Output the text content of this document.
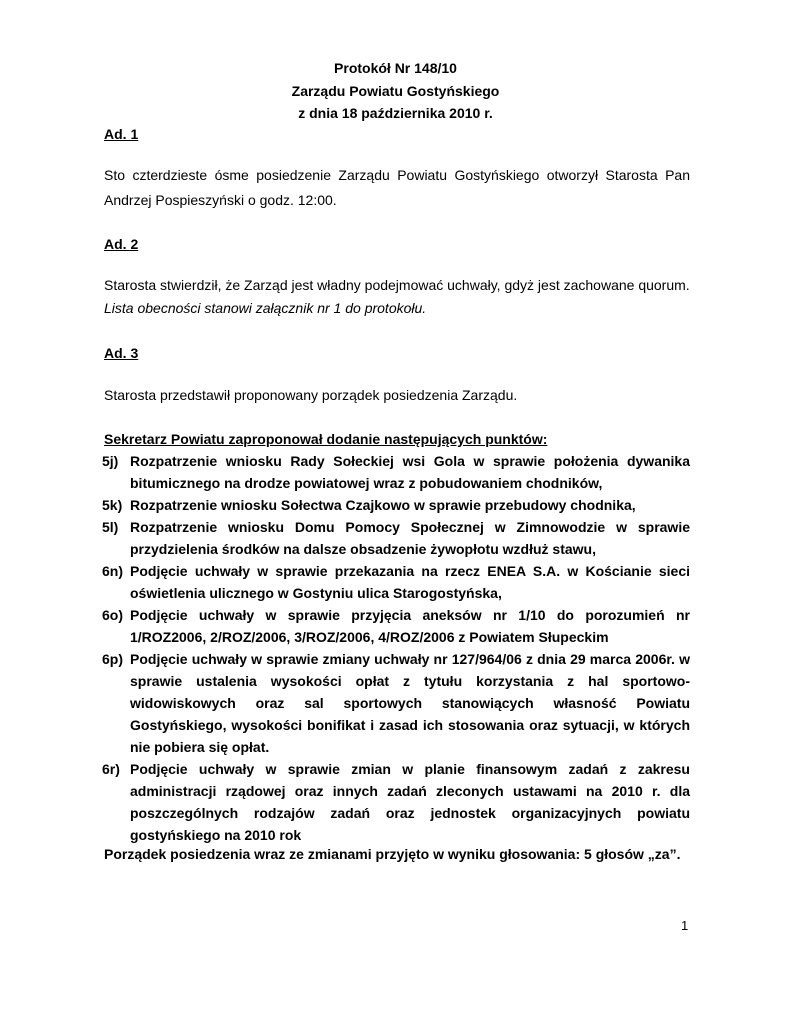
Protokół Nr 148/10
Zarządu Powiatu Gostyńskiego
z dnia 18 października 2010 r.
Ad. 1
Sto czterdzieste ósme posiedzenie Zarządu Powiatu Gostyńskiego otworzył Starosta Pan Andrzej Pospieszyński o godz. 12:00.
Ad. 2
Starosta stwierdził, że Zarząd jest władny podejmować uchwały, gdyż jest zachowane quorum.
Lista obecności stanowi załącznik nr 1 do protokołu.
Ad. 3
Starosta przedstawił proponowany porządek posiedzenia Zarządu.
Sekretarz Powiatu zaproponował dodanie następujących punktów:
5j) Rozpatrzenie wniosku Rady Sołeckiej wsi Gola w sprawie położenia dywanika bitumicznego na drodze powiatowej wraz z pobudowaniem chodników,
5k) Rozpatrzenie wniosku Sołectwa Czajkowo w sprawie przebudowy chodnika,
5l) Rozpatrzenie wniosku Domu Pomocy Społecznej w Zimnowodzie w sprawie przydzielenia środków na dalsze obsadzenie żywopłotu wzdłuż stawu,
6n) Podjęcie uchwały w sprawie przekazania na rzecz ENEA S.A. w Kościanie sieci oświetlenia ulicznego w Gostyniu ulica Starogostyńska,
6o) Podjęcie uchwały w sprawie przyjęcia aneksów nr 1/10 do porozumień nr 1/ROZ2006, 2/ROZ/2006, 3/ROZ/2006, 4/ROZ/2006 z Powiatem Słupeckim
6p) Podjęcie uchwały w sprawie zmiany uchwały nr 127/964/06 z dnia 29 marca 2006r. w sprawie ustalenia wysokości opłat z tytułu korzystania z hal sportowo-widowiskowych oraz sal sportowych stanowiących własność Powiatu Gostyńskiego, wysokości bonifikat i zasad ich stosowania oraz sytuacji, w których nie pobiera się opłat.
6r) Podjęcie uchwały w sprawie zmian w planie finansowym zadań z zakresu administracji rządowej oraz innych zadań zleconych ustawami na 2010 r. dla poszczególnych rodzajów zadań oraz jednostek organizacyjnych powiatu gostyńskiego na 2010 rok
Porządek posiedzenia wraz ze zmianami przyjęto w wyniku głosowania: 5 głosów „za”.
1
